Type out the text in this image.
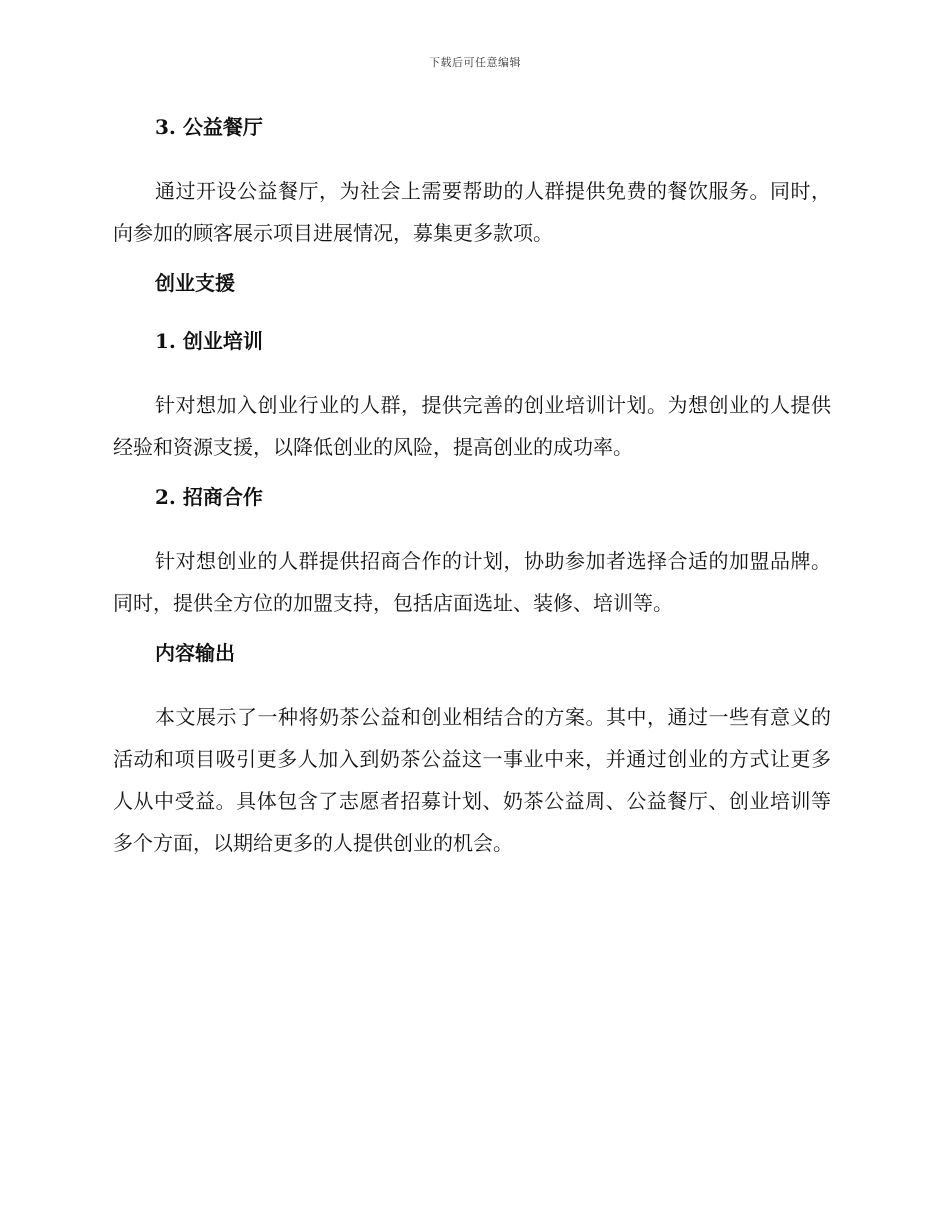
下载后可任意编辑
3. 公益餐厅

通过开设公益餐厅，为社会上需要帮助的人群提供免费的餐饮服务。同时，向参加的顾客展示项目进展情况，募集更多款项。

创业支援
1. 创业培训

针对想加入创业行业的人群，提供完善的创业培训计划。为想创业的人提供经验和资源支援，以降低创业的风险，提高创业的成功率。

2. 招商合作

针对想创业的人群提供招商合作的计划，协助参加者选择合适的加盟品牌。同时，提供全方位的加盟支持，包括店面选址、装修、培训等。

内容输出

本文展示了一种将奶茶公益和创业相结合的方案。其中，通过一些有意义的活动和项目吸引更多人加入到奶茶公益这一事业中来，并通过创业的方式让更多人从中受益。具体包含了志愿者招募计划、奶茶公益周、公益餐厅、创业培训等多个方面，以期给更多的人提供创业的机会。
